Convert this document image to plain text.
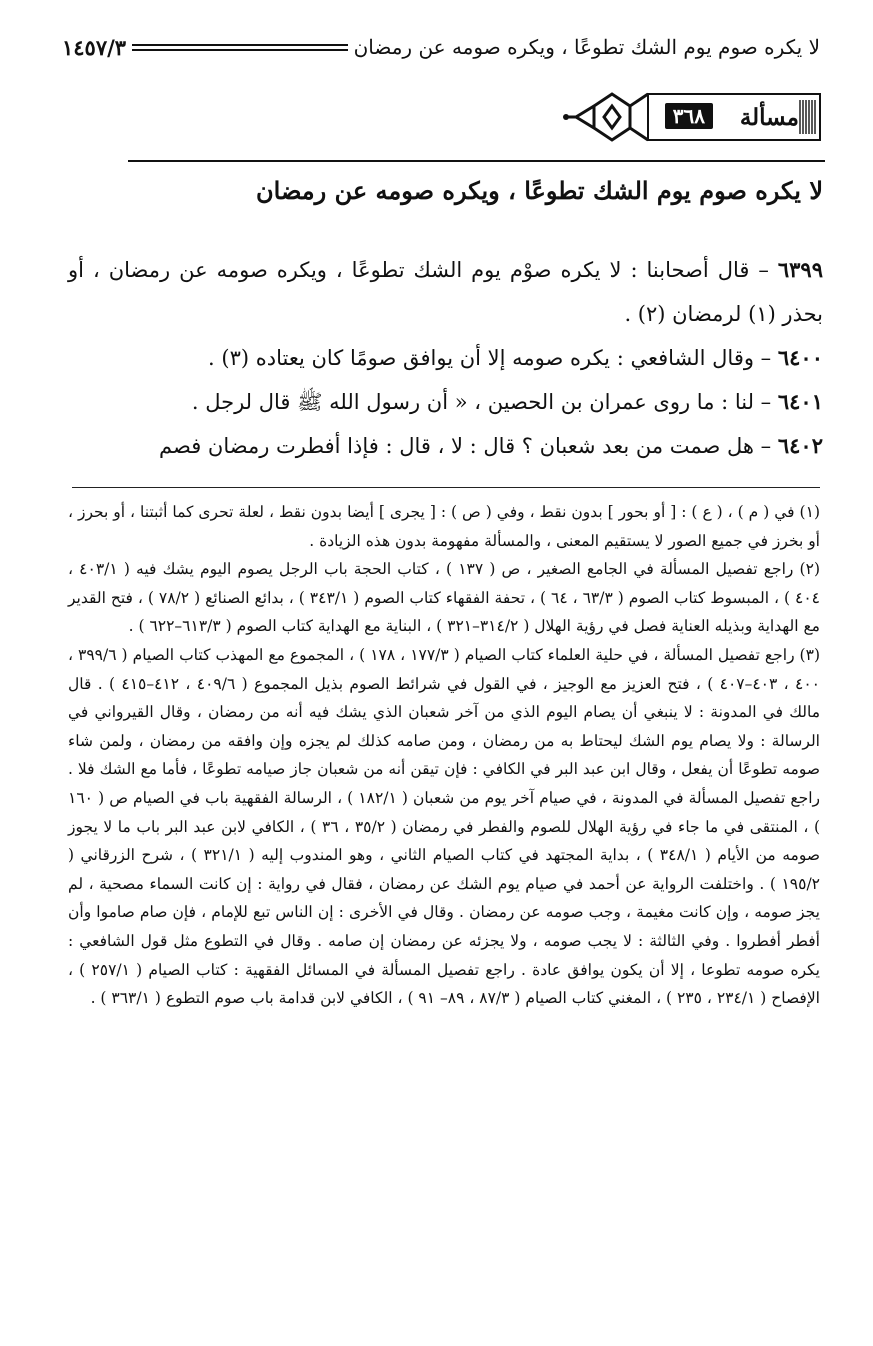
لا يكره صوم يوم الشك تطوعًا ، ويكره صومه عن رمضان
١٤٥٧/٣
٣٦٨	مسألة
لا يكره صوم يوم الشك تطوعًا ، ويكره صومه عن رمضان

٦٣٩٩ – قال أصحابنا : لا يكره صوْم يوم الشك تطوعًا ، ويكره صومه عن رمضان ، أو بحذر (١) لرمضان (٢) .

٦٤٠٠ – وقال الشافعي : يكره صومه إلا أن يوافق صومًا كان يعتاده (٣) .

٦٤٠١ – لنا : ما روى عمران بن الحصين ، « أن رسول الله ﷺ قال لرجل .

٦٤٠٢ – هل صمت من بعد شعبان ؟ قال : لا ، قال : فإذا أفطرت رمضان فصم

(١) في ( م ) ، ( ع ) : [ أو بحور ] بدون نقط ، وفي ( ص ) : [ يجرى ] أيضا بدون نقط ، لعلة تحرى كما أثبتنا ، أو بحرز ، أو بخرز في جميع الصور لا يستقيم المعنى ، والمسألة مفهومة بدون هذه الزيادة .

(٢) راجع تفصيل المسألة في الجامع الصغير ، ص ( ١٣٧ ) ، كتاب الحجة باب الرجل يصوم اليوم يشك فيه ( ٤٠٣/١ ، ٤٠٤ ) ، المبسوط كتاب الصوم ( ٦٣/٣ ، ٦٤ ) ، تحفة الفقهاء كتاب الصوم ( ٣٤٣/١ ) ، بدائع الصنائع ( ٧٨/٢ ) ، فتح القدير مع الهداية وبذيله العناية فصل في رؤية الهلال ( ٣١٤/٢–٣٢١ ) ، البناية مع الهداية كتاب الصوم ( ٦١٣/٣–٦٢٢ ) .

(٣) راجع تفصيل المسألة ، في حلية العلماء كتاب الصيام ( ١٧٧/٣ ، ١٧٨ ) ، المجموع مع المهذب كتاب الصيام ( ٣٩٩/٦ ، ٤٠٠ ، ٤٠٣–٤٠٧ ) ، فتح العزيز مع الوجيز ، في القول في شرائط الصوم بذيل المجموع ( ٤٠٩/٦ ، ٤١٢–٤١٥ ) . قال مالك في المدونة : لا ينبغي أن يصام اليوم الذي من آخر شعبان الذي يشك فيه أنه من رمضان ، وقال القيرواني في الرسالة : ولا يصام يوم الشك ليحتاط به من رمضان ، ومن صامه كذلك لم يجزه وإن وافقه من رمضان ، ولمن شاء صومه تطوعًا أن يفعل ، وقال ابن عبد البر في الكافي : فإن تيقن أنه من شعبان جاز صيامه تطوعًا ، فأما مع الشك فلا . راجع تفصيل المسألة في المدونة ، في صيام آخر يوم من شعبان ( ١٨٢/١ ) ، الرسالة الفقهية باب في الصيام ص ( ١٦٠ ) ، المنتقى في ما جاء في رؤية الهلال للصوم والفطر في رمضان ( ٣٥/٢ ، ٣٦ ) ، الكافي لابن عبد البر باب ما لا يجوز صومه من الأيام ( ٣٤٨/١ ) ، بداية المجتهد في كتاب الصيام الثاني ، وهو المندوب إليه ( ٣٢١/١ ) ، شرح الزرقاني ( ١٩٥/٢ ) . واختلفت الرواية عن أحمد في صيام يوم الشك عن رمضان ، فقال في رواية : إن كانت السماء مصحية ، لم يجز صومه ، وإن كانت مغيمة ، وجب صومه عن رمضان . وقال في الأخرى : إن الناس تبع للإمام ، فإن صام صاموا وأن أفطر أفطروا . وفي الثالثة : لا يجب صومه ، ولا يجزئه عن رمضان إن صامه . وقال في التطوع مثل قول الشافعي : يكره صومه تطوعا ، إلا أن يكون يوافق عادة . راجع تفصيل المسألة في المسائل الفقهية : كتاب الصيام ( ٢٥٧/١ ) ، الإفصاح ( ٢٣٤/١ ، ٢٣٥ ) ، المغني كتاب الصيام ( ٨٧/٣ ، ٨٩– ٩١ ) ، الكافي لابن قدامة باب صوم التطوع ( ٣٦٣/١ ) .
